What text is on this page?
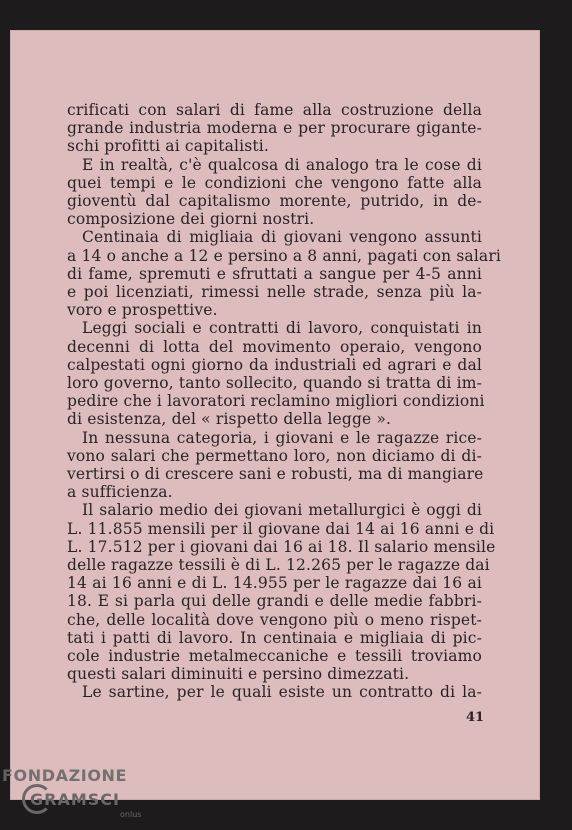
crificati con salari di fame alla costruzione della
grande industria moderna e per procurare gigante-
schi profitti ai capitalisti.
E in realtà, c'è qualcosa di analogo tra le cose di
quei tempi e le condizioni che vengono fatte alla
gioventù dal capitalismo morente, putrido, in de-
composizione dei giorni nostri.
Centinaia di migliaia di giovani vengono assunti
a 14 o anche a 12 e persino a 8 anni, pagati con salari
di fame, spremuti e sfruttati a sangue per 4-5 anni
e poi licenziati, rimessi nelle strade, senza più la-
voro e prospettive.
Leggi sociali e contratti di lavoro, conquistati in
decenni di lotta del movimento operaio, vengono
calpestati ogni giorno da industriali ed agrari e dal
loro governo, tanto sollecito, quando si tratta di im-
pedire che i lavoratori reclamino migliori condizioni
di esistenza, del « rispetto della legge ».
In nessuna categoria, i giovani e le ragazze rice-
vono salari che permettano loro, non diciamo di di-
vertirsi o di crescere sani e robusti, ma di mangiare
a sufficienza.
Il salario medio dei giovani metallurgici è oggi di
L. 11.855 mensili per il giovane dai 14 ai 16 anni e di
L. 17.512 per i giovani dai 16 ai 18. Il salario mensile
delle ragazze tessili è di L. 12.265 per le ragazze dai
14 ai 16 anni e di L. 14.955 per le ragazze dai 16 ai
18. E si parla qui delle grandi e delle medie fabbri-
che, delle località dove vengono più o meno rispet-
tati i patti di lavoro. In centinaia e migliaia di pic-
cole industrie metalmeccaniche e tessili troviamo
questi salari diminuiti e persino dimezzati.
Le sartine, per le quali esiste un contratto di la-
41
FONDAZIONE
GRAMSCI
onlus
